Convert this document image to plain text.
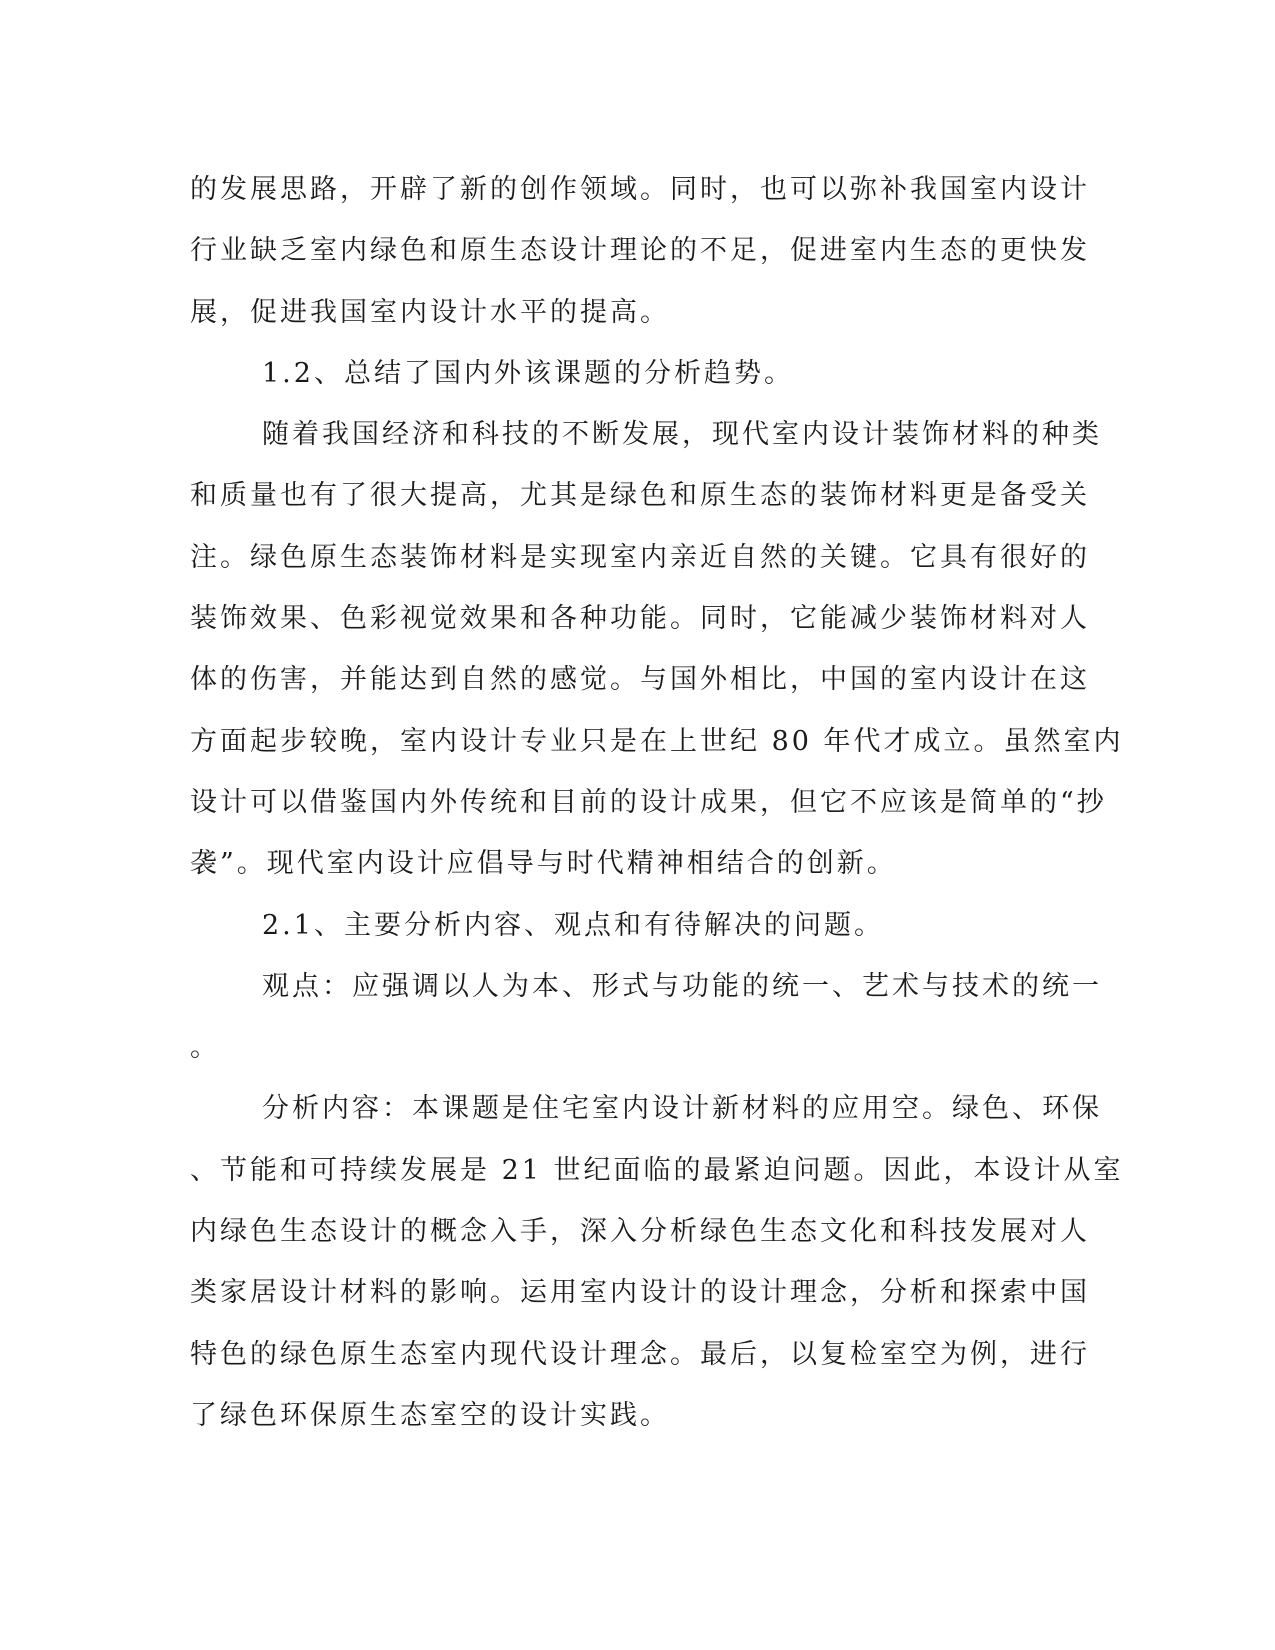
的发展思路，开辟了新的创作领域。同时，也可以弥补我国室内设计
行业缺乏室内绿色和原生态设计理论的不足，促进室内生态的更快发
展，促进我国室内设计水平的提高。
1.2、总结了国内外该课题的分析趋势。
随着我国经济和科技的不断发展，现代室内设计装饰材料的种类
和质量也有了很大提高，尤其是绿色和原生态的装饰材料更是备受关
注。绿色原生态装饰材料是实现室内亲近自然的关键。它具有很好的
装饰效果、色彩视觉效果和各种功能。同时，它能减少装饰材料对人
体的伤害，并能达到自然的感觉。与国外相比，中国的室内设计在这
方面起步较晚，室内设计专业只是在上世纪 80 年代才成立。虽然室内
设计可以借鉴国内外传统和目前的设计成果，但它不应该是简单的“抄
袭”。现代室内设计应倡导与时代精神相结合的创新。
2.1、主要分析内容、观点和有待解决的问题。
观点：应强调以人为本、形式与功能的统一、艺术与技术的统一
。
分析内容：本课题是住宅室内设计新材料的应用空。绿色、环保
、节能和可持续发展是 21 世纪面临的最紧迫问题。因此，本设计从室
内绿色生态设计的概念入手，深入分析绿色生态文化和科技发展对人
类家居设计材料的影响。运用室内设计的设计理念，分析和探索中国
特色的绿色原生态室内现代设计理念。最后，以复检室空为例，进行
了绿色环保原生态室空的设计实践。
